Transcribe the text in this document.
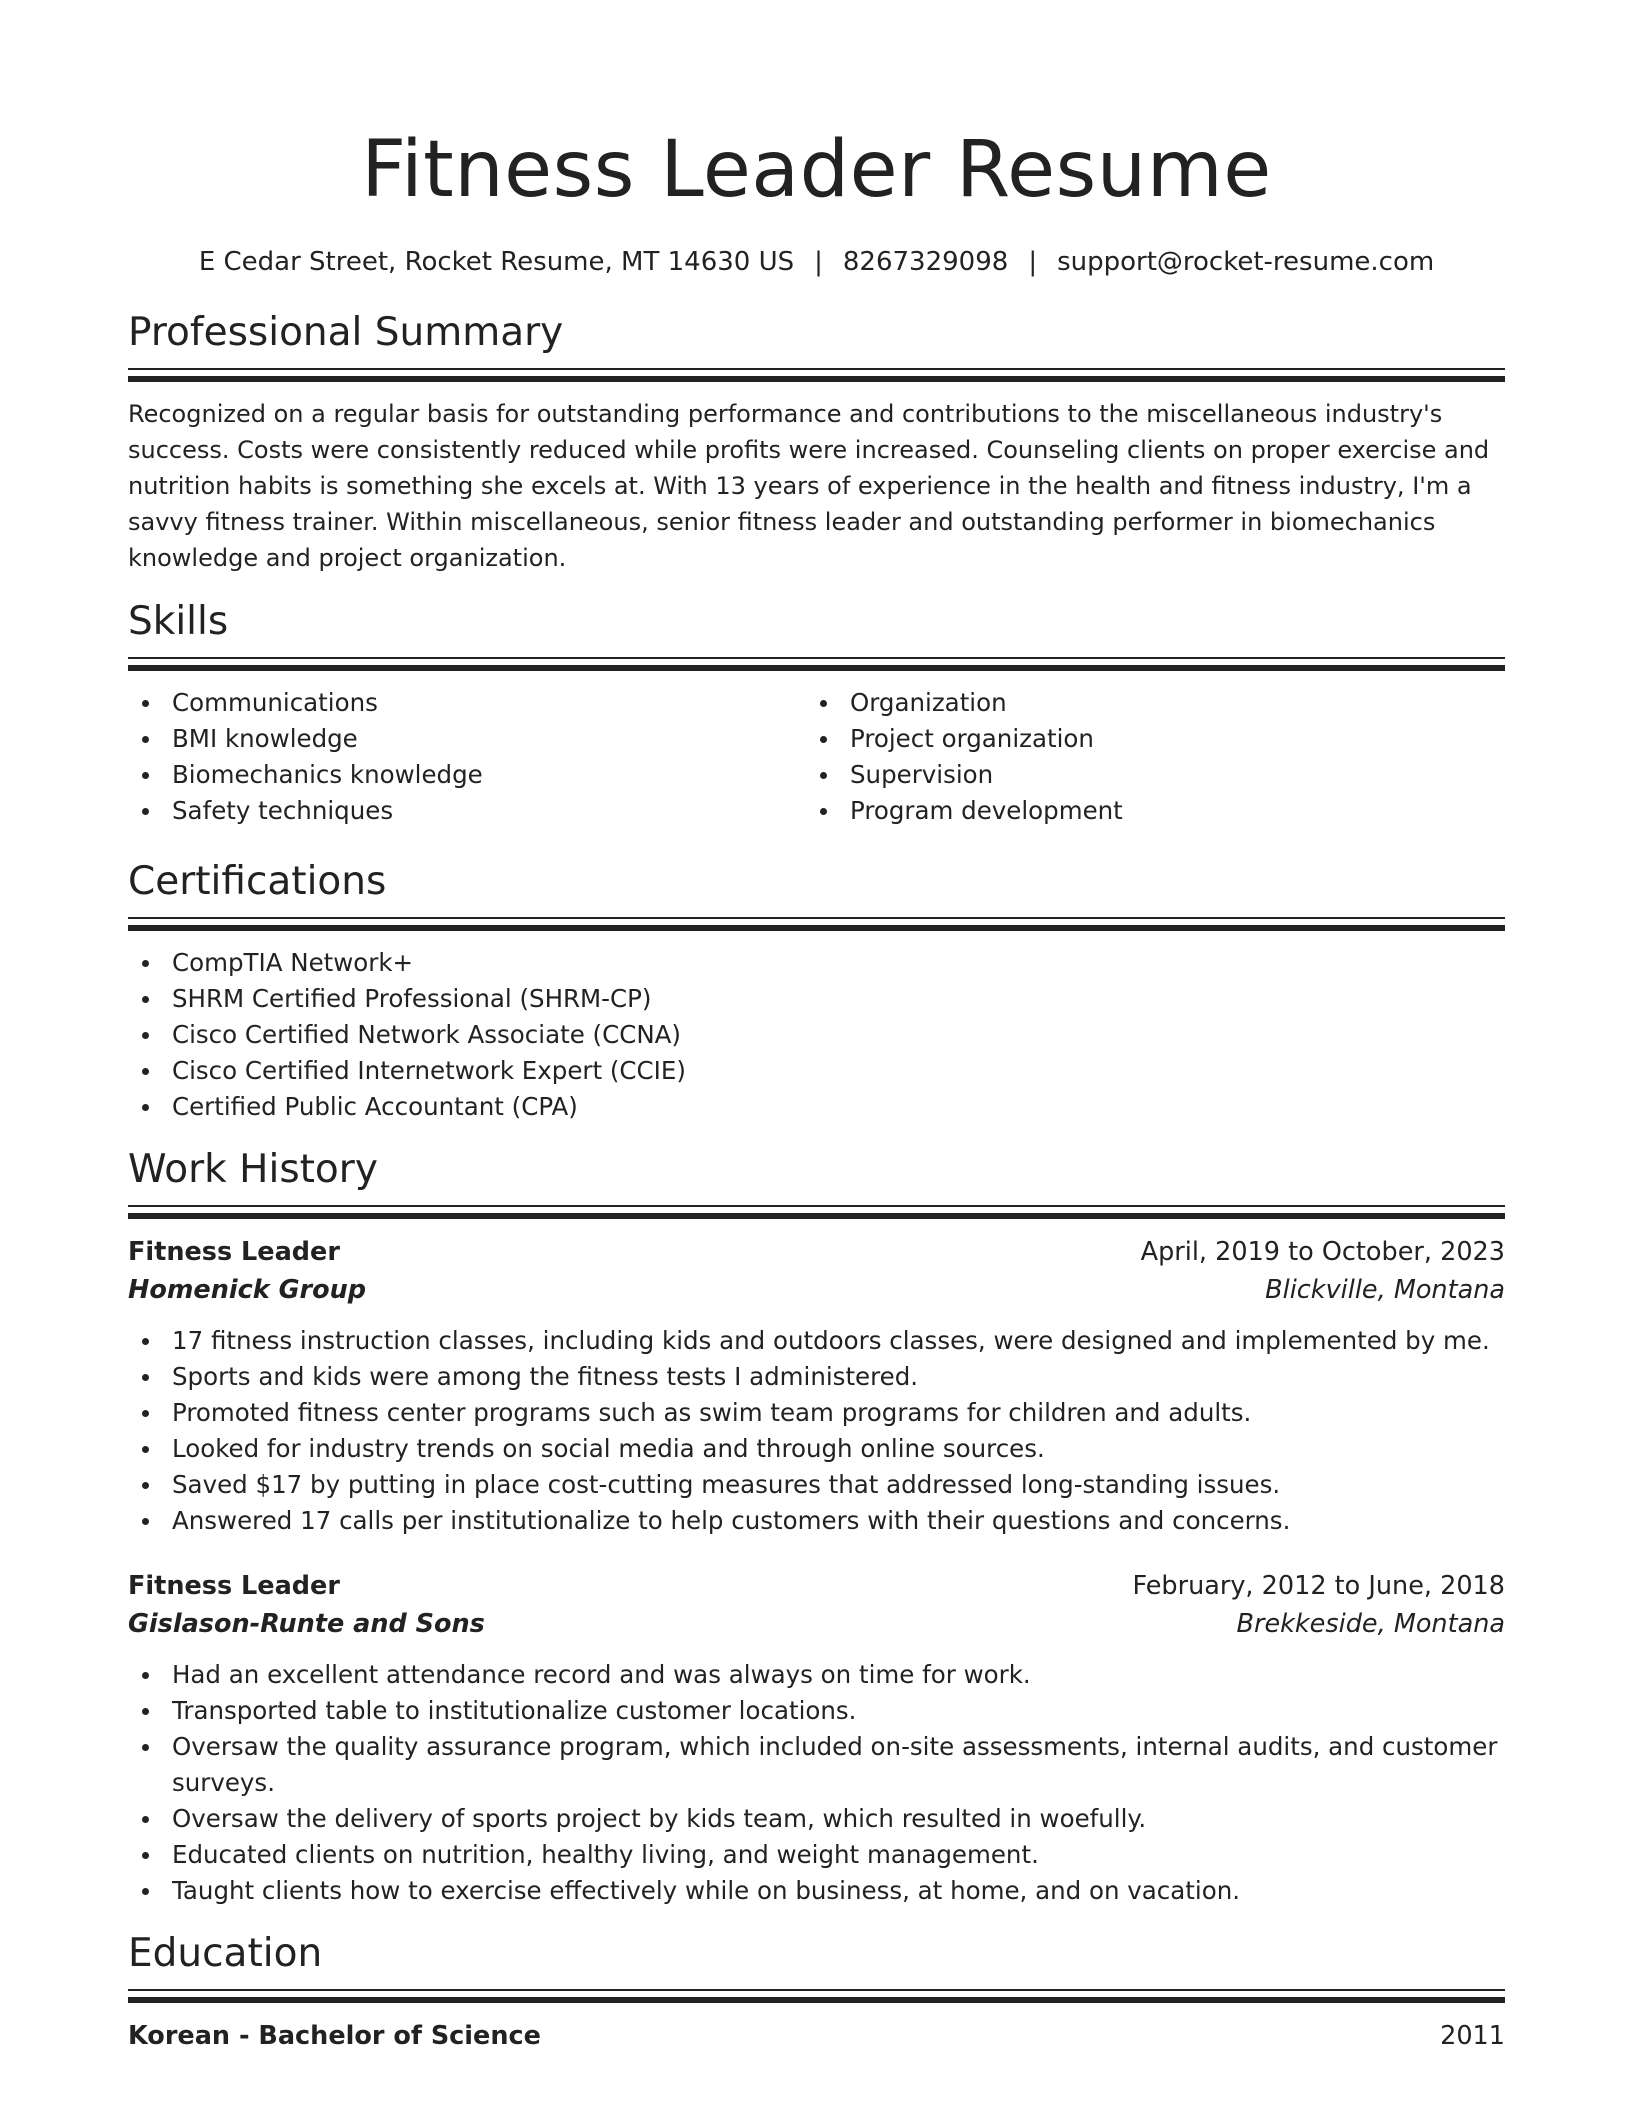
Fitness Leader Resume
E Cedar Street, Rocket Resume, MT 14630 US | 8267329098 | support@rocket-resume.com
Professional Summary

Recognized on a regular basis for outstanding performance and contributions to the miscellaneous industry's success. Costs were consistently reduced while profits were increased. Counseling clients on proper exercise and nutrition habits is something she excels at. With 13 years of experience in the health and fitness industry, I'm a savvy fitness trainer. Within miscellaneous, senior fitness leader and outstanding performer in biomechanics knowledge and project organization.

Skills
Communications
BMI knowledge
Biomechanics knowledge
Safety techniques
Organization
Project organization
Supervision
Program development
Certifications
CompTIA Network+
SHRM Certified Professional (SHRM-CP)
Cisco Certified Network Associate (CCNA)
Cisco Certified Internetwork Expert (CCIE)
Certified Public Accountant (CPA)
Work History
Fitness Leader	April, 2019 to October, 2023
Homenick Group	Blickville, Montana
17 fitness instruction classes, including kids and outdoors classes, were designed and implemented by me.
Sports and kids were among the fitness tests I administered.
Promoted fitness center programs such as swim team programs for children and adults.
Looked for industry trends on social media and through online sources.
Saved $17 by putting in place cost-cutting measures that addressed long-standing issues.
Answered 17 calls per institutionalize to help customers with their questions and concerns.
Fitness Leader	February, 2012 to June, 2018
Gislason-Runte and Sons	Brekkeside, Montana
Had an excellent attendance record and was always on time for work.
Transported table to institutionalize customer locations.
Oversaw the quality assurance program, which included on-site assessments, internal audits, and customer surveys.
Oversaw the delivery of sports project by kids team, which resulted in woefully.
Educated clients on nutrition, healthy living, and weight management.
Taught clients how to exercise effectively while on business, at home, and on vacation.
Education
Korean - Bachelor of Science	2011
